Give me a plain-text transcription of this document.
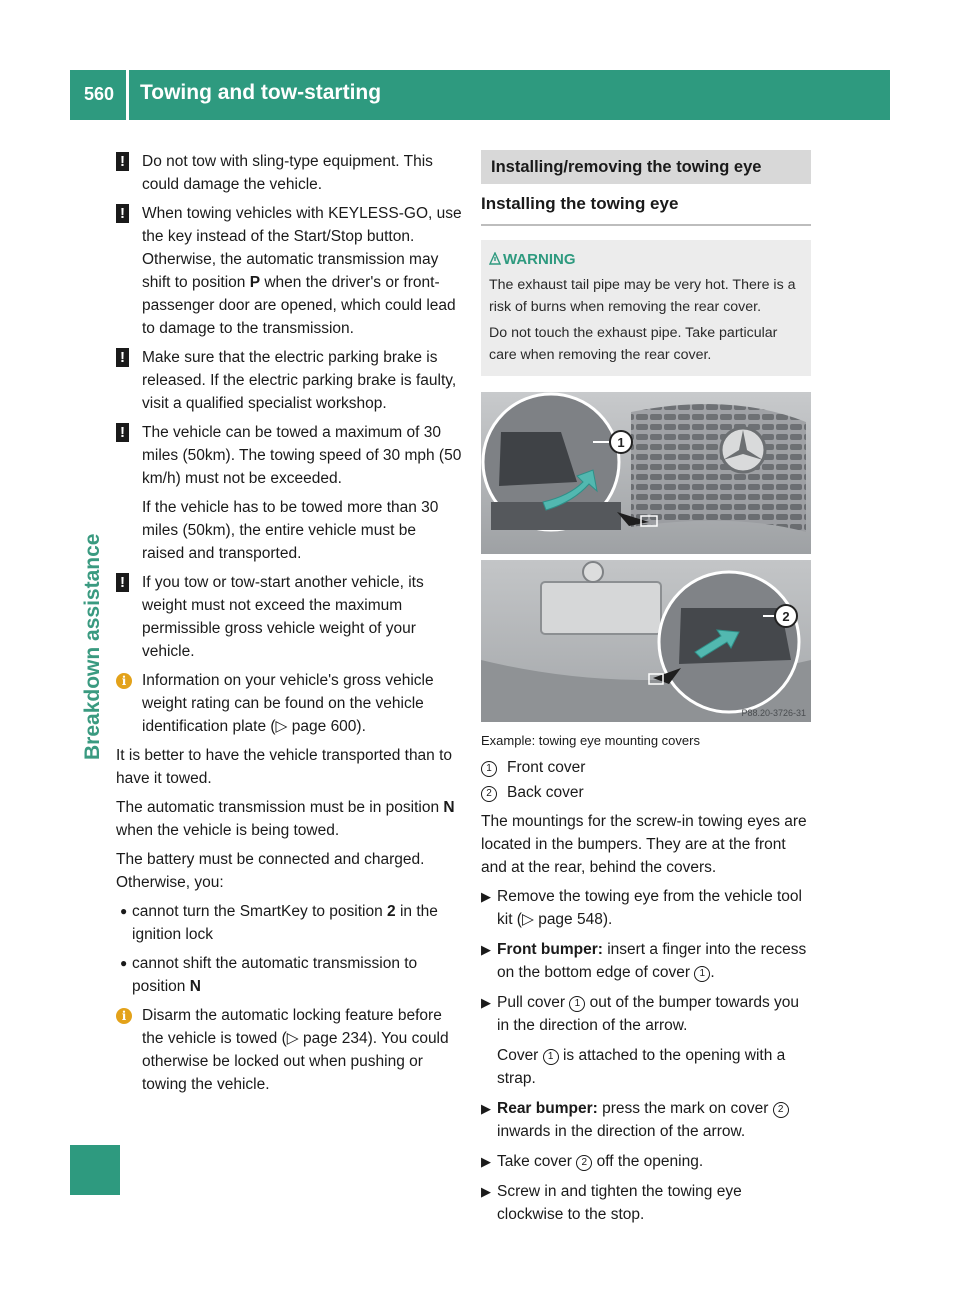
560	Towing and tow-starting
Breakdown assistance
!	Do not tow with sling-type equipment. This could damage the vehicle.
!	When towing vehicles with KEYLESS-GO, use the key instead of the Start/Stop button. Otherwise, the automatic transmission may shift to position P when the driver's or front-passenger door are opened, which could lead to damage to the transmission.
!	Make sure that the electric parking brake is released. If the electric parking brake is faulty, visit a qualified specialist workshop.
!	The vehicle can be towed a maximum of 30 miles (50km). The towing speed of 30 mph (50 km/h) must not be exceeded.
If the vehicle has to be towed more than 30 miles (50km), the entire vehicle must be raised and transported.
!	If you tow or tow-start another vehicle, its weight must not exceed the maximum permissible gross vehicle weight of your vehicle.
i	Information on your vehicle's gross vehicle weight rating can be found on the vehicle identification plate (▷ page 600).

It is better to have the vehicle transported than to have it towed.

The automatic transmission must be in position N when the vehicle is being towed.

The battery must be connected and charged. Otherwise, you:

● cannot turn the SmartKey to position 2 in the ignition lock
● cannot shift the automatic transmission to position N
i	Disarm the automatic locking feature before the vehicle is towed (▷ page 234). You could otherwise be locked out when pushing or towing the vehicle.
Installing/removing the towing eye
Installing the towing eye
WARNING
The exhaust tail pipe may be very hot. There is a risk of burns when removing the rear cover.
Do not touch the exhaust pipe. Take particular care when removing the rear cover.
1
2
P88.20-3726-31
Example: towing eye mounting covers
1 Front cover
2 Back cover

The mountings for the screw-in towing eyes are located in the bumpers. They are at the front and at the rear, behind the covers.

▶ Remove the towing eye from the vehicle tool kit (▷ page 548).
▶ Front bumper: insert a finger into the recess on the bottom edge of cover 1 .
▶ Pull cover 1 out of the bumper towards you in the direction of the arrow.
Cover 1 is attached to the opening with a strap.
▶ Rear bumper: press the mark on cover 2 inwards in the direction of the arrow.
▶ Take cover 2 off the opening.
▶ Screw in and tighten the towing eye clockwise to the stop.
